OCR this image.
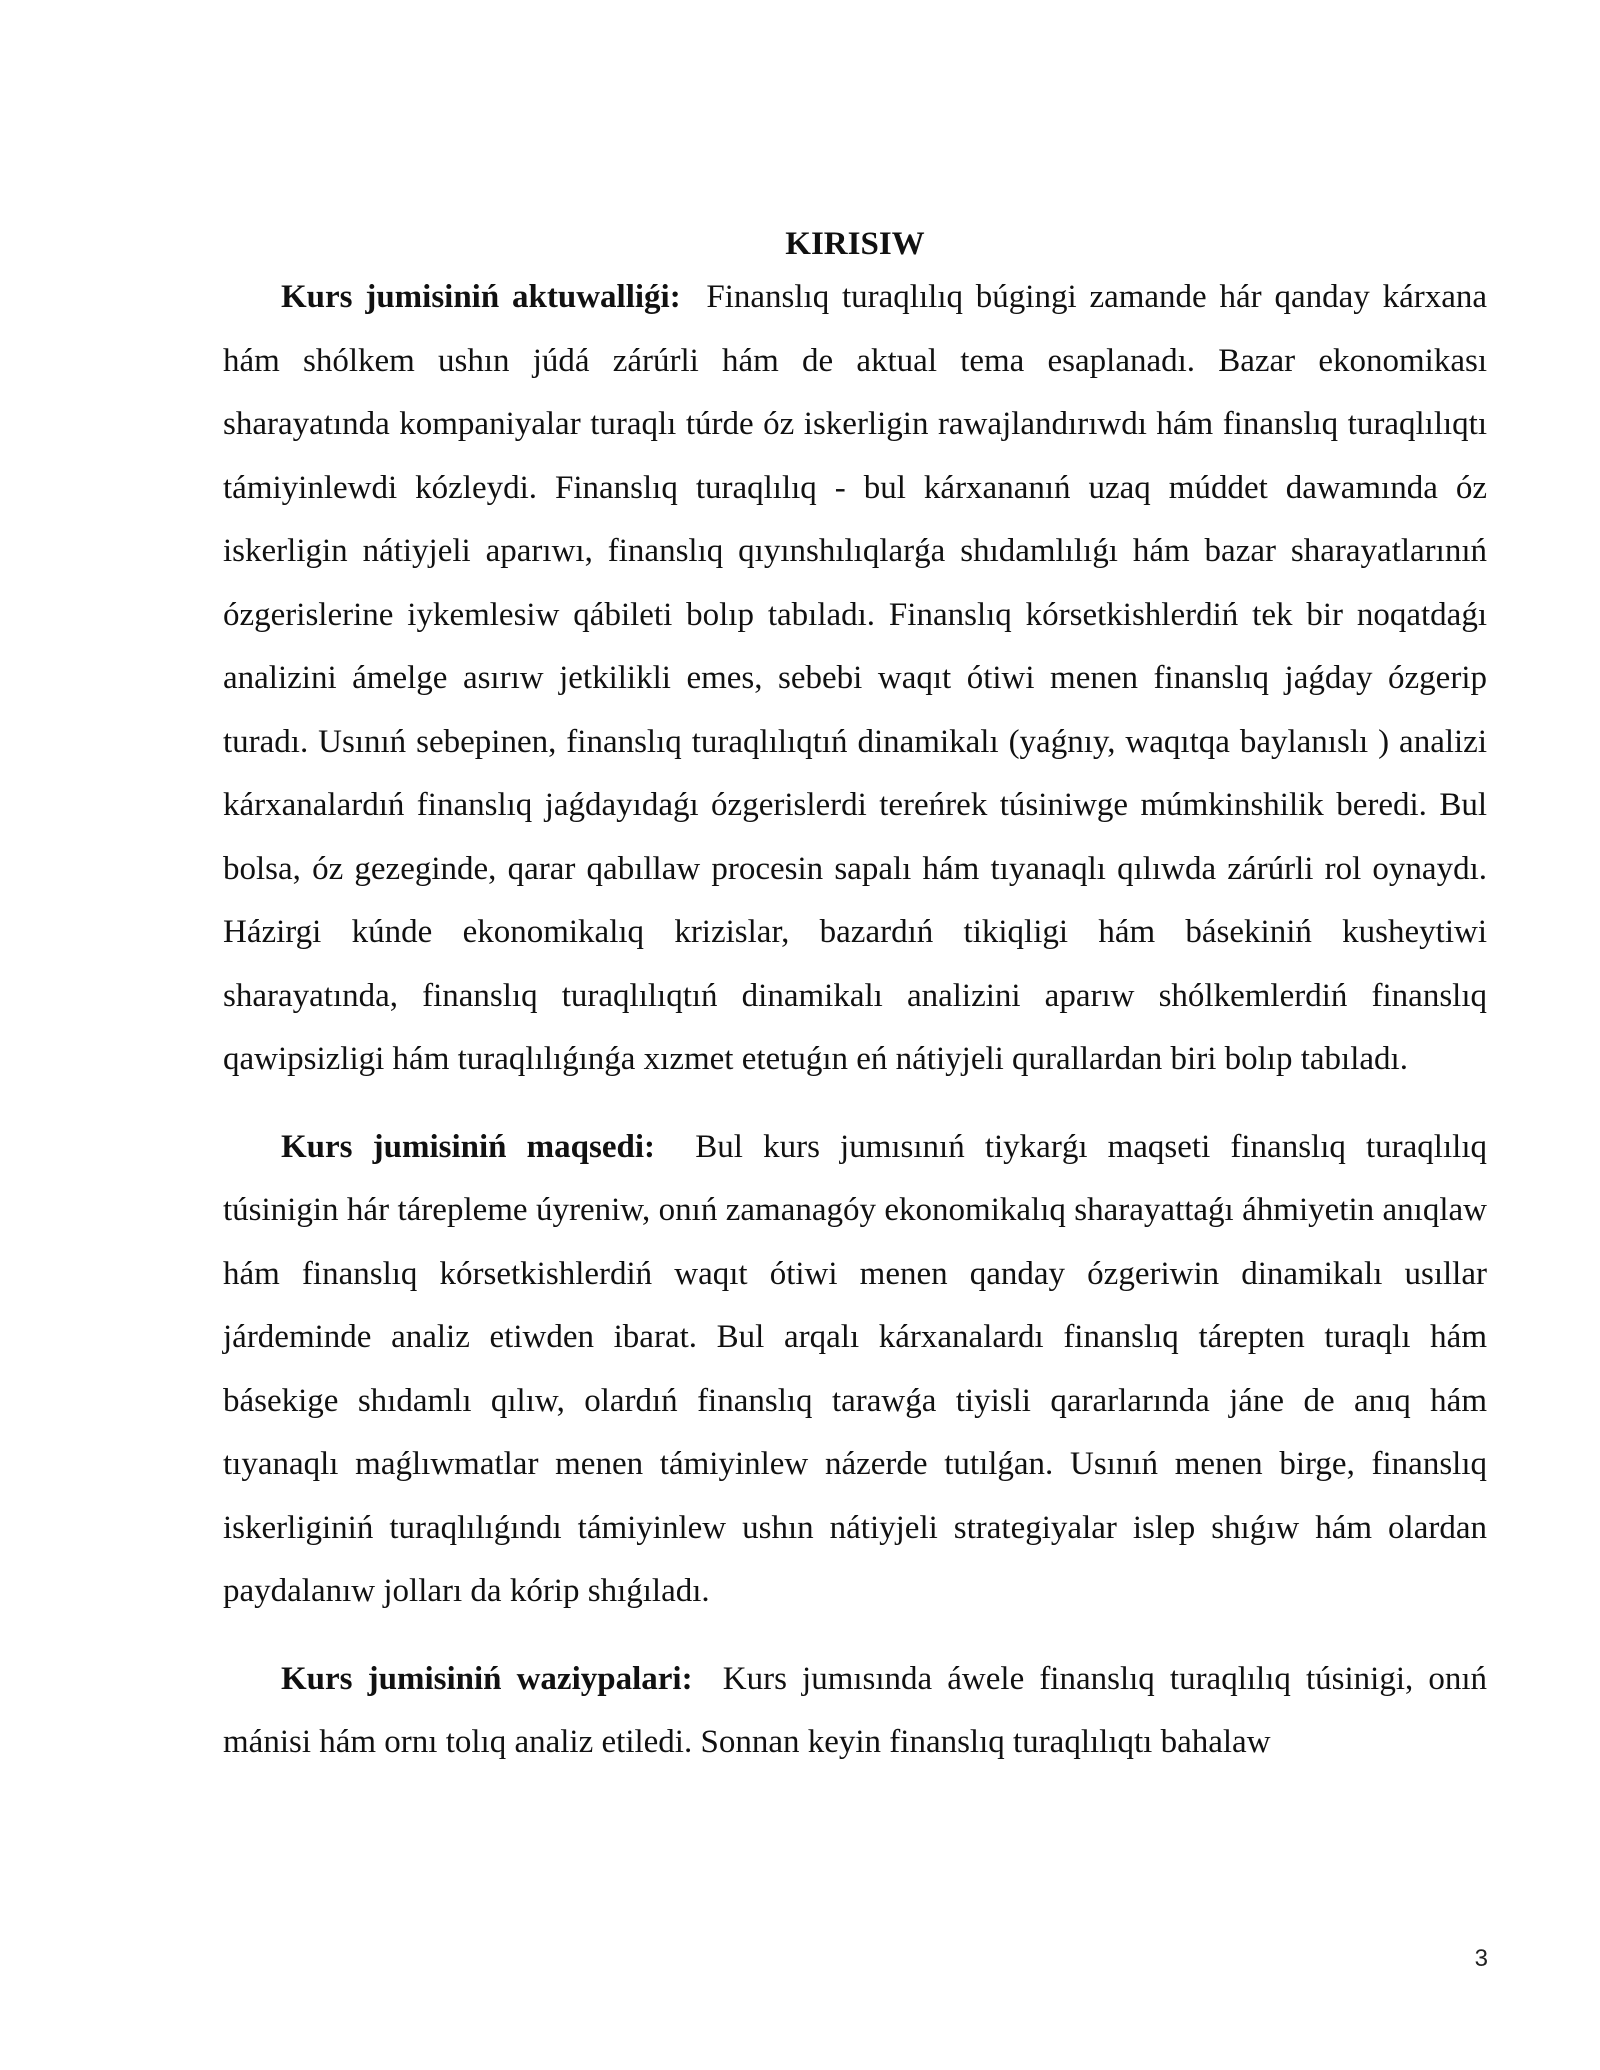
KIRISIW

Kurs jumisiniń aktuwalliǵi:  Finanslıq turaqlılıq búgingi zamande hár qanday kárxana hám shólkem ushın júdá zárúrli hám de aktual tema esaplanadı. Bazar ekonomikası sharayatında kompaniyalar turaqlı túrde óz iskerligin rawajlandırıwdı hám finanslıq turaqlılıqtı támiyinlewdi kózleydi. Finanslıq turaqlılıq - bul kárxananıń uzaq múddet dawamında óz iskerligin nátiyjeli aparıwı, finanslıq qıyınshılıqlarǵa shıdamlılıǵı hám bazar sharayatlarınıń ózgerislerine iykemlesiw qábileti bolıp tabıladı. Finanslıq kórsetkishlerdiń tek bir noqatdaǵı analizini ámelge asırıw jetkilikli emes, sebebi waqıt ótiwi menen finanslıq jaǵday ózgerip turadı. Usınıń sebepinen, finanslıq turaqlılıqtıń dinamikalı (yaǵnıy, waqıtqa baylanıslı ) analizi kárxanalardıń finanslıq jaǵdayıdaǵı ózgerislerdi tereńrek túsiniwge múmkinshilik beredi. Bul bolsa, óz gezeginde, qarar qabıllaw procesin sapalı hám tıyanaqlı qılıwda zárúrli rol oynaydı. Házirgi kúnde ekonomikalıq krizislar, bazardıń tikiqligi hám básekiniń kusheytiwi sharayatında, finanslıq turaqlılıqtıń dinamikalı analizini aparıw shólkemlerdiń finanslıq qawipsizligi hám turaqlılıǵınǵa xızmet etetuǵın eń nátiyjeli qurallardan biri bolıp tabıladı.

Kurs jumisiniń maqsedi:  Bul kurs jumısınıń tiykarǵı maqseti finanslıq turaqlılıq túsinigin hár tárepleme úyreniw, onıń zamanagóy ekonomikalıq sharayattaǵı áhmiyetin anıqlaw hám finanslıq kórsetkishlerdiń waqıt ótiwi menen qanday ózgeriwin dinamikalı usıllar járdeminde analiz etiwden ibarat. Bul arqalı kárxanalardı finanslıq tárepten turaqlı hám básekige shıdamlı qılıw, olardıń finanslıq tarawǵa tiyisli qararlarında jáne de anıq hám tıyanaqlı maǵlıwmatlar menen támiyinlew názerde tutılǵan. Usınıń menen birge, finanslıq iskerliginiń turaqlılıǵındı támiyinlew ushın nátiyjeli strategiyalar islep shıǵıw hám olardan paydalanıw jolları da kórip shıǵıladı.

Kurs jumisiniń waziypalari:  Kurs jumısında áwele finanslıq turaqlılıq túsinigi, onıń mánisi hám ornı tolıq analiz etiledi. Sonnan keyin finanslıq turaqlılıqtı bahalaw

3
